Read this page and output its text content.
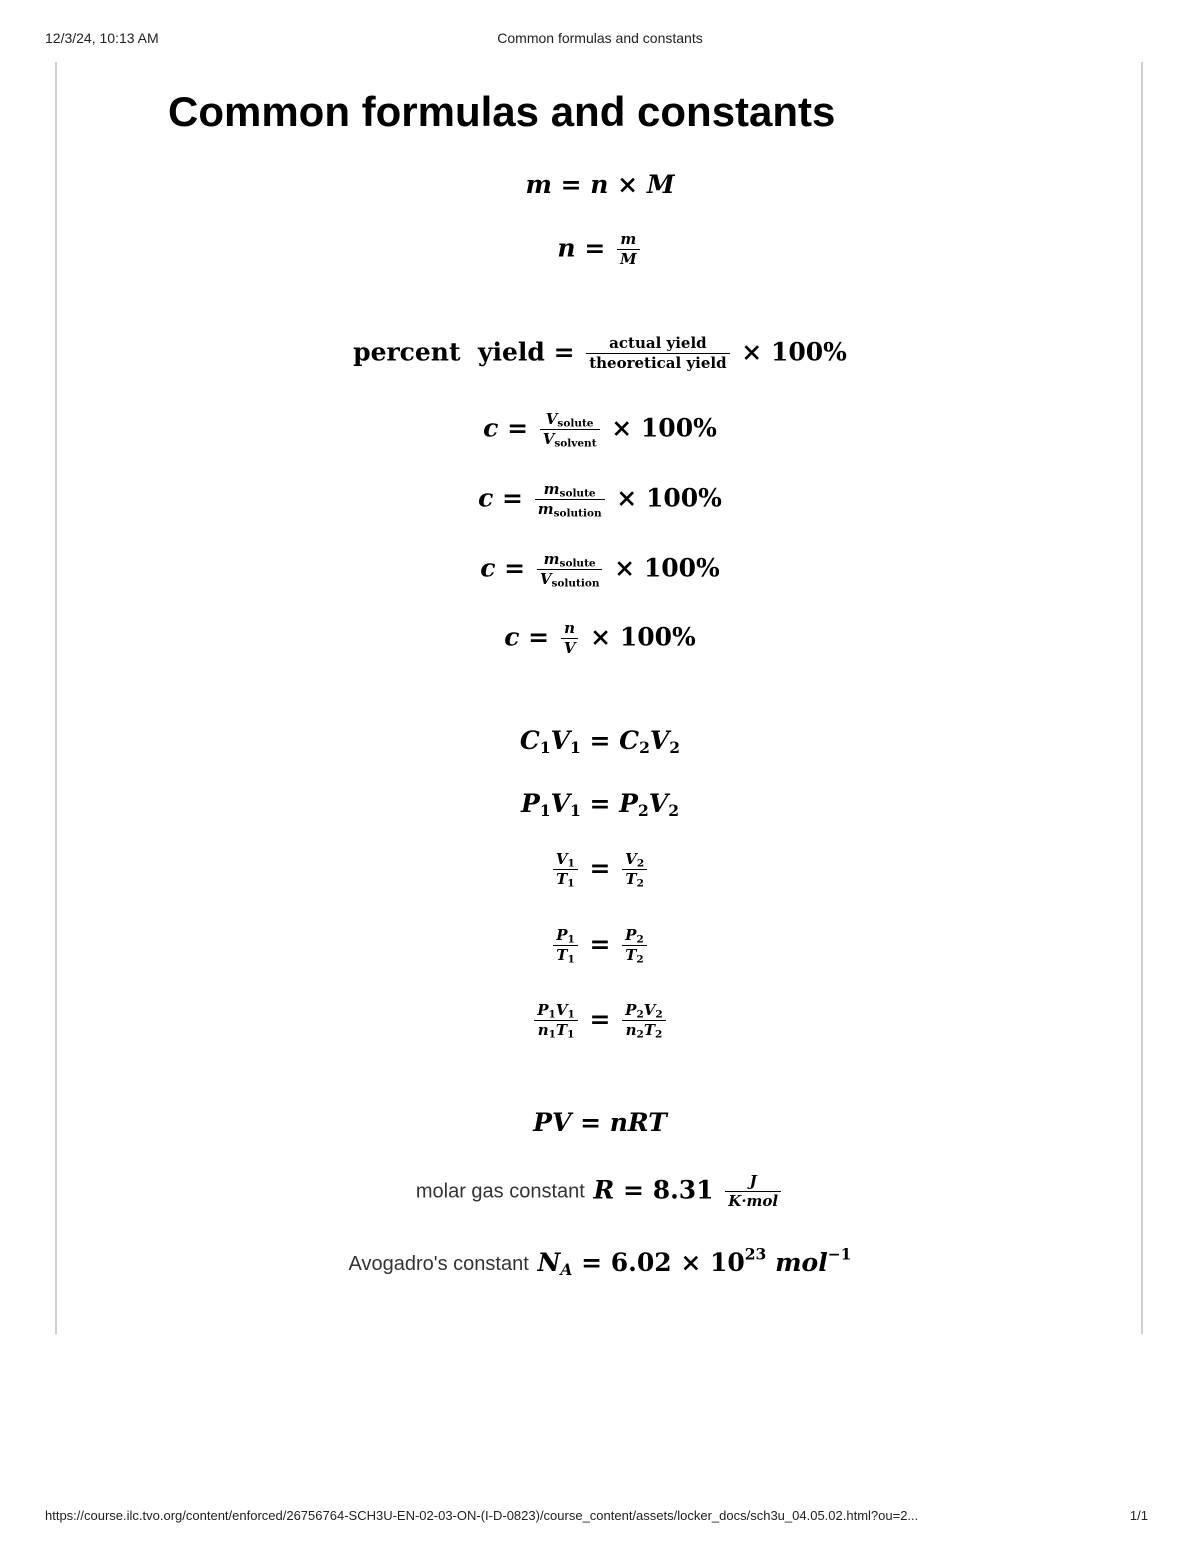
12/3/24, 10:13 AM	Common formulas and constants
Common formulas and constants
m = n × M
$n = \frac{m}{M}$
percent yield = $\frac{\text{actual yield}}{\text{theoretical yield}} \times 100\%$
$c = \frac{V_{solute}}{V_{solvent}} \times 100\%$
$c = \frac{m_{solute}}{m_{solution}} \times 100\%$
$c = \frac{m_{solute}}{V_{solution}} \times 100\%$
$c = \frac{n}{V} \times 100\%$
$C_1V_1 = C_2V_2$
$P_1V_1 = P_2V_2$
$\frac{V_1}{T_1} = \frac{V_2}{T_2}$
$\frac{P_1}{T_1} = \frac{P_2}{T_2}$
$\frac{P_1V_1}{n_1T_1} = \frac{P_2V_2}{n_2T_2}$
PV = nRT
molar gas constant $R = 8.31 \frac{J}{\text{K·mol}}$
Avogadro's constant $N_A = 6.02 \times 10^{23}$ mol$^{-1}$
https://course.ilc.tvo.org/content/enforced/26756764-SCH3U-EN-02-03-ON-(I-D-0823)/course_content/assets/locker_docs/sch3u_04.05.02.html?ou=2...	1/1
